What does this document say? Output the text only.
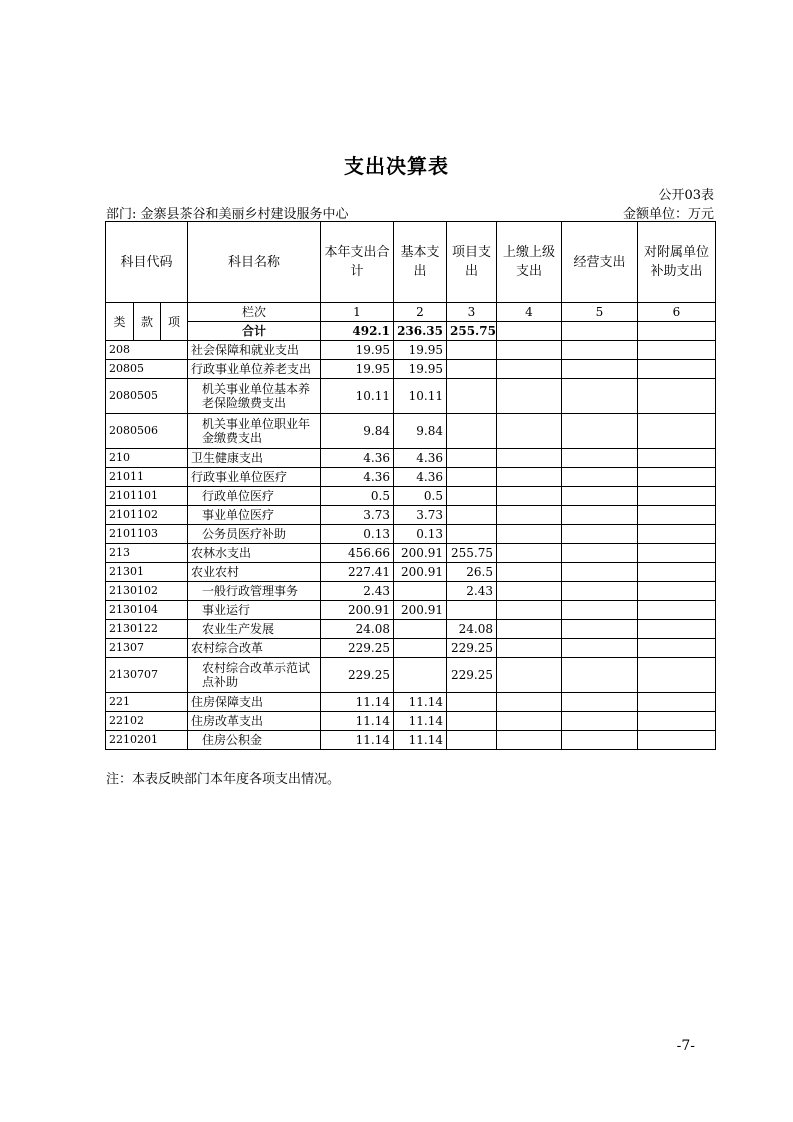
支出决算表
公开03表
部门: 金寨县茶谷和美丽乡村建设服务中心	金额单位：万元
科目代码			科目名称	本年支出合计	基本支出	项目支出	上缴上级支出	经营支出	对附属单位补助支出
类	款	项	栏次	1	2	3	4	5	6
			合计	492.1	236.35	255.75			
208			社会保障和就业支出	19.95	19.95				
20805			行政事业单位养老支出	19.95	19.95				
2080505			机关事业单位基本养老保险缴费支出	10.11	10.11				
2080506			机关事业单位职业年金缴费支出	9.84	9.84				
210			卫生健康支出	4.36	4.36				
21011			行政事业单位医疗	4.36	4.36				
2101101			行政单位医疗	0.5	0.5				
2101102			事业单位医疗	3.73	3.73				
2101103			公务员医疗补助	0.13	0.13				
213			农林水支出	456.66	200.91	255.75			
21301			农业农村	227.41	200.91	26.5			
2130102			一般行政管理事务	2.43		2.43			
2130104			事业运行	200.91	200.91				
2130122			农业生产发展	24.08		24.08			
21307			农村综合改革	229.25		229.25			
2130707			农村综合改革示范试点补助	229.25		229.25			
221			住房保障支出	11.14	11.14				
22102			住房改革支出	11.14	11.14				
2210201			住房公积金	11.14	11.14				
注：本表反映部门本年度各项支出情况。
-7-
